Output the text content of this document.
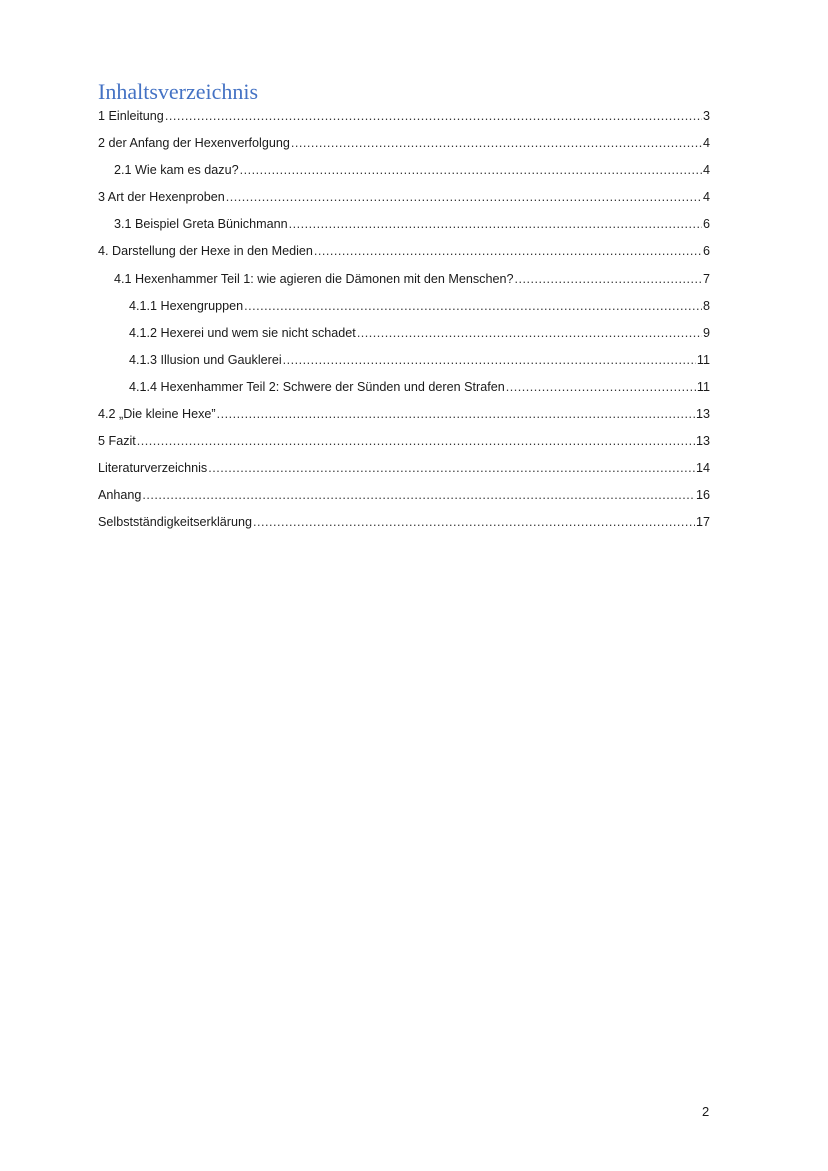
Inhaltsverzeichnis
1 Einleitung .....	3
2 der Anfang der Hexenverfolgung .....	4
2.1 Wie kam es dazu? .....	4
3 Art der Hexenproben .....	4
3.1 Beispiel Greta Bünichmann .....	6
4. Darstellung der Hexe in den Medien .....	6
4.1 Hexenhammer Teil 1: wie agieren die Dämonen mit den Menschen? .....	7
4.1.1 Hexengruppen .....	8
4.1.2 Hexerei und wem sie nicht schadet .....	9
4.1.3 Illusion und Gauklerei .....	11
4.1.4 Hexenhammer Teil 2: Schwere der Sünden und deren Strafen .....	11
4.2 „Die kleine Hexe” .....	13
5 Fazit .....	13
Literaturverzeichnis .....	14
Anhang .....	16
Selbstständigkeitserklärung .....	17
2
